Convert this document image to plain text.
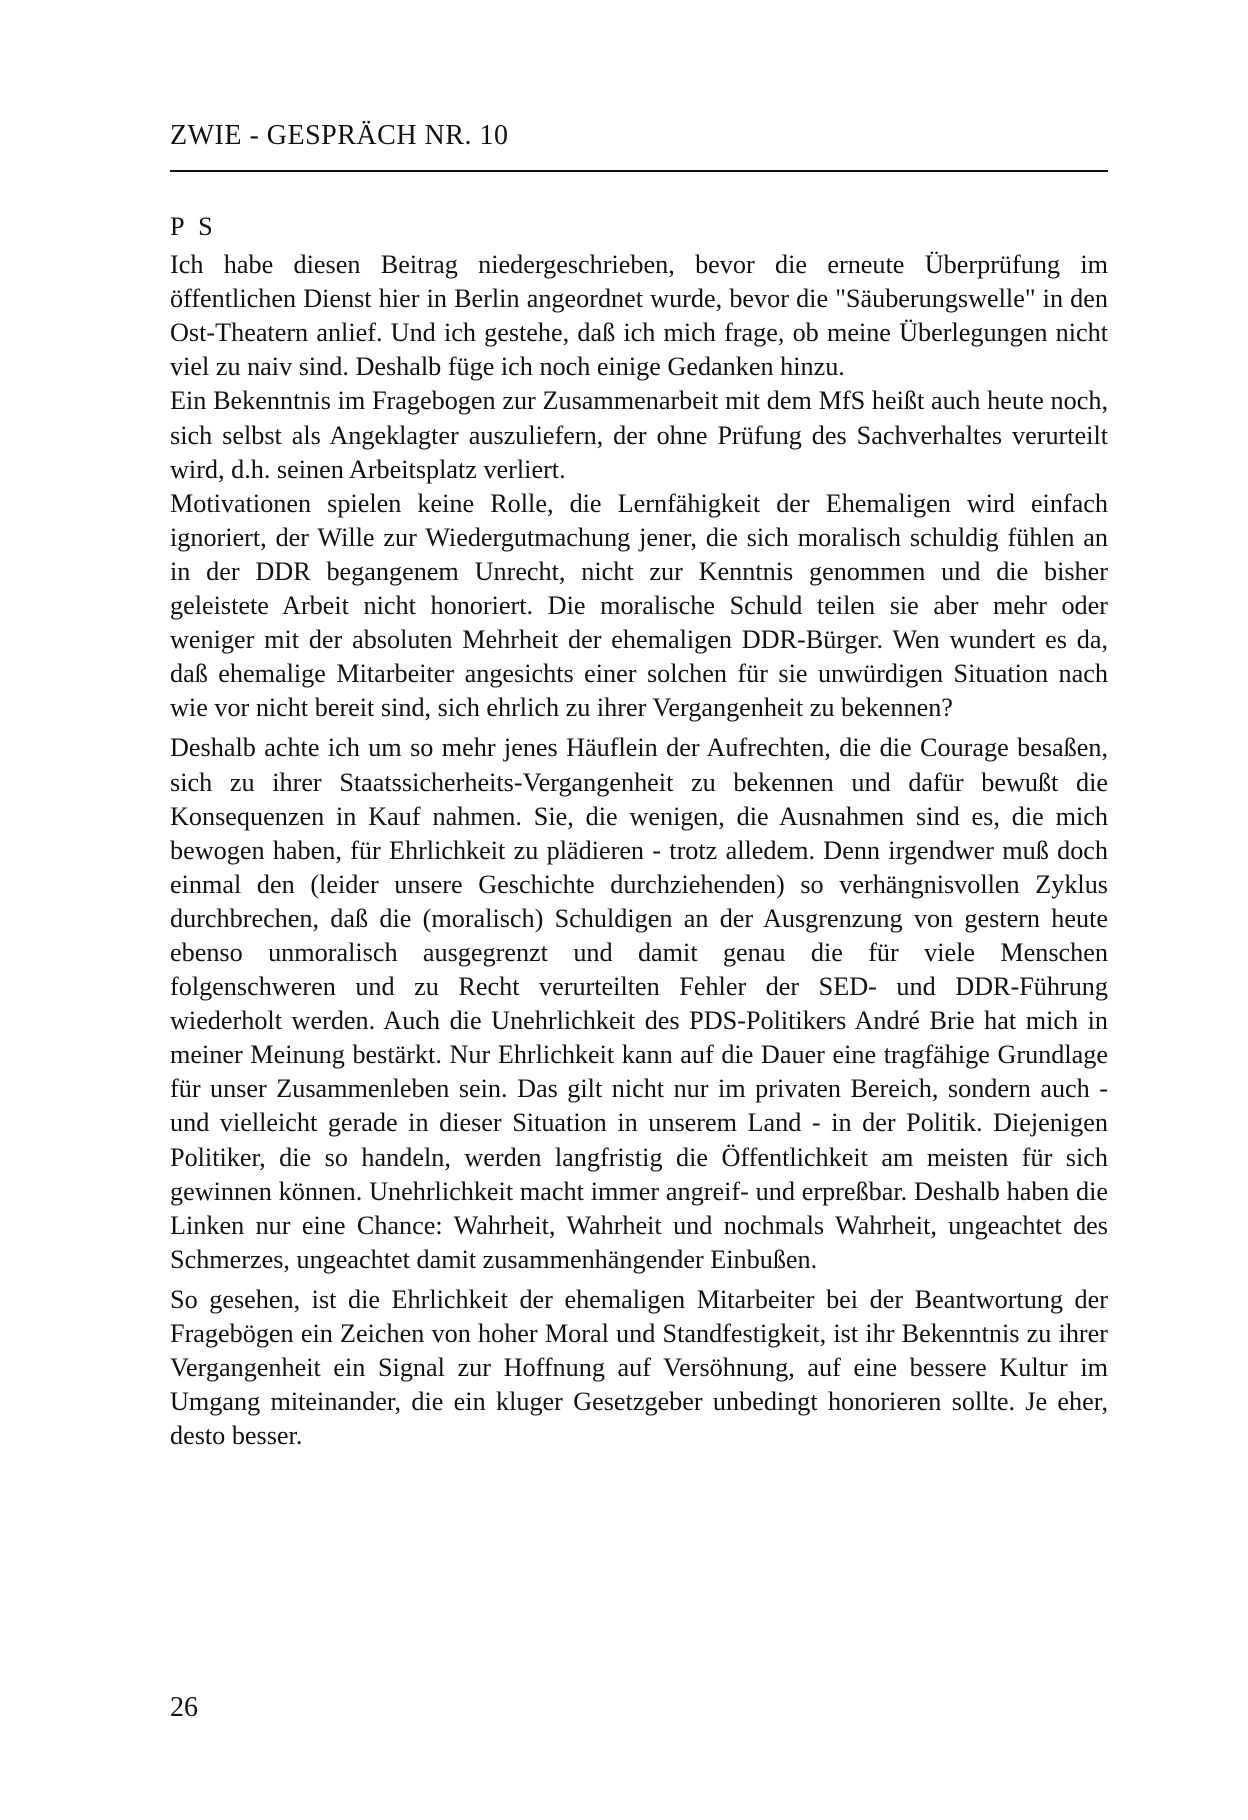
ZWIE - GESPRÄCH NR. 10
P S

Ich habe diesen Beitrag niedergeschrieben, bevor die erneute Überprüfung im öffentlichen Dienst hier in Berlin angeordnet wurde, bevor die "Säuberungswelle" in den Ost-Theatern anlief. Und ich gestehe, daß ich mich frage, ob meine Überlegungen nicht viel zu naiv sind. Deshalb füge ich noch einige Gedanken hinzu.

Ein Bekenntnis im Fragebogen zur Zusammenarbeit mit dem MfS heißt auch heute noch, sich selbst als Angeklagter auszuliefern, der ohne Prüfung des Sachverhaltes verurteilt wird, d.h. seinen Arbeitsplatz verliert.

Motivationen spielen keine Rolle, die Lernfähigkeit der Ehemaligen wird einfach ignoriert, der Wille zur Wiedergutmachung jener, die sich moralisch schuldig fühlen an in der DDR begangenem Unrecht, nicht zur Kenntnis genommen und die bisher geleistete Arbeit nicht honoriert. Die moralische Schuld teilen sie aber mehr oder weniger mit der absoluten Mehrheit der ehemaligen DDR-Bürger. Wen wundert es da, daß ehemalige Mitarbeiter angesichts einer solchen für sie unwürdigen Situation nach wie vor nicht bereit sind, sich ehrlich zu ihrer Vergangenheit zu bekennen?

Deshalb achte ich um so mehr jenes Häuflein der Aufrechten, die die Courage besaßen, sich zu ihrer Staatssicherheits-Vergangenheit zu bekennen und dafür bewußt die Konsequenzen in Kauf nahmen. Sie, die wenigen, die Ausnahmen sind es, die mich bewogen haben, für Ehrlichkeit zu plädieren - trotz alledem. Denn irgendwer muß doch einmal den (leider unsere Geschichte durchziehenden) so verhängnisvollen Zyklus durchbrechen, daß die (moralisch) Schuldigen an der Ausgrenzung von gestern heute ebenso unmoralisch ausgegrenzt und damit genau die für viele Menschen folgenschweren und zu Recht verurteilten Fehler der SED- und DDR-Führung wiederholt werden. Auch die Unehrlichkeit des PDS-Politikers André Brie hat mich in meiner Meinung bestärkt. Nur Ehrlichkeit kann auf die Dauer eine tragfähige Grundlage für unser Zusammenleben sein. Das gilt nicht nur im privaten Bereich, sondern auch - und vielleicht gerade in dieser Situation in unserem Land - in der Politik. Diejenigen Politiker, die so handeln, werden langfristig die Öffentlichkeit am meisten für sich gewinnen können. Unehrlichkeit macht immer angreif- und erpreßbar. Deshalb haben die Linken nur eine Chance: Wahrheit, Wahrheit und nochmals Wahrheit, ungeachtet des Schmerzes, ungeachtet damit zusammenhängender Einbußen.

So gesehen, ist die Ehrlichkeit der ehemaligen Mitarbeiter bei der Beantwortung der Fragebögen ein Zeichen von hoher Moral und Standfestigkeit, ist ihr Bekenntnis zu ihrer Vergangenheit ein Signal zur Hoffnung auf Versöhnung, auf eine bessere Kultur im Umgang miteinander, die ein kluger Gesetzgeber unbedingt honorieren sollte. Je eher, desto besser.

26
